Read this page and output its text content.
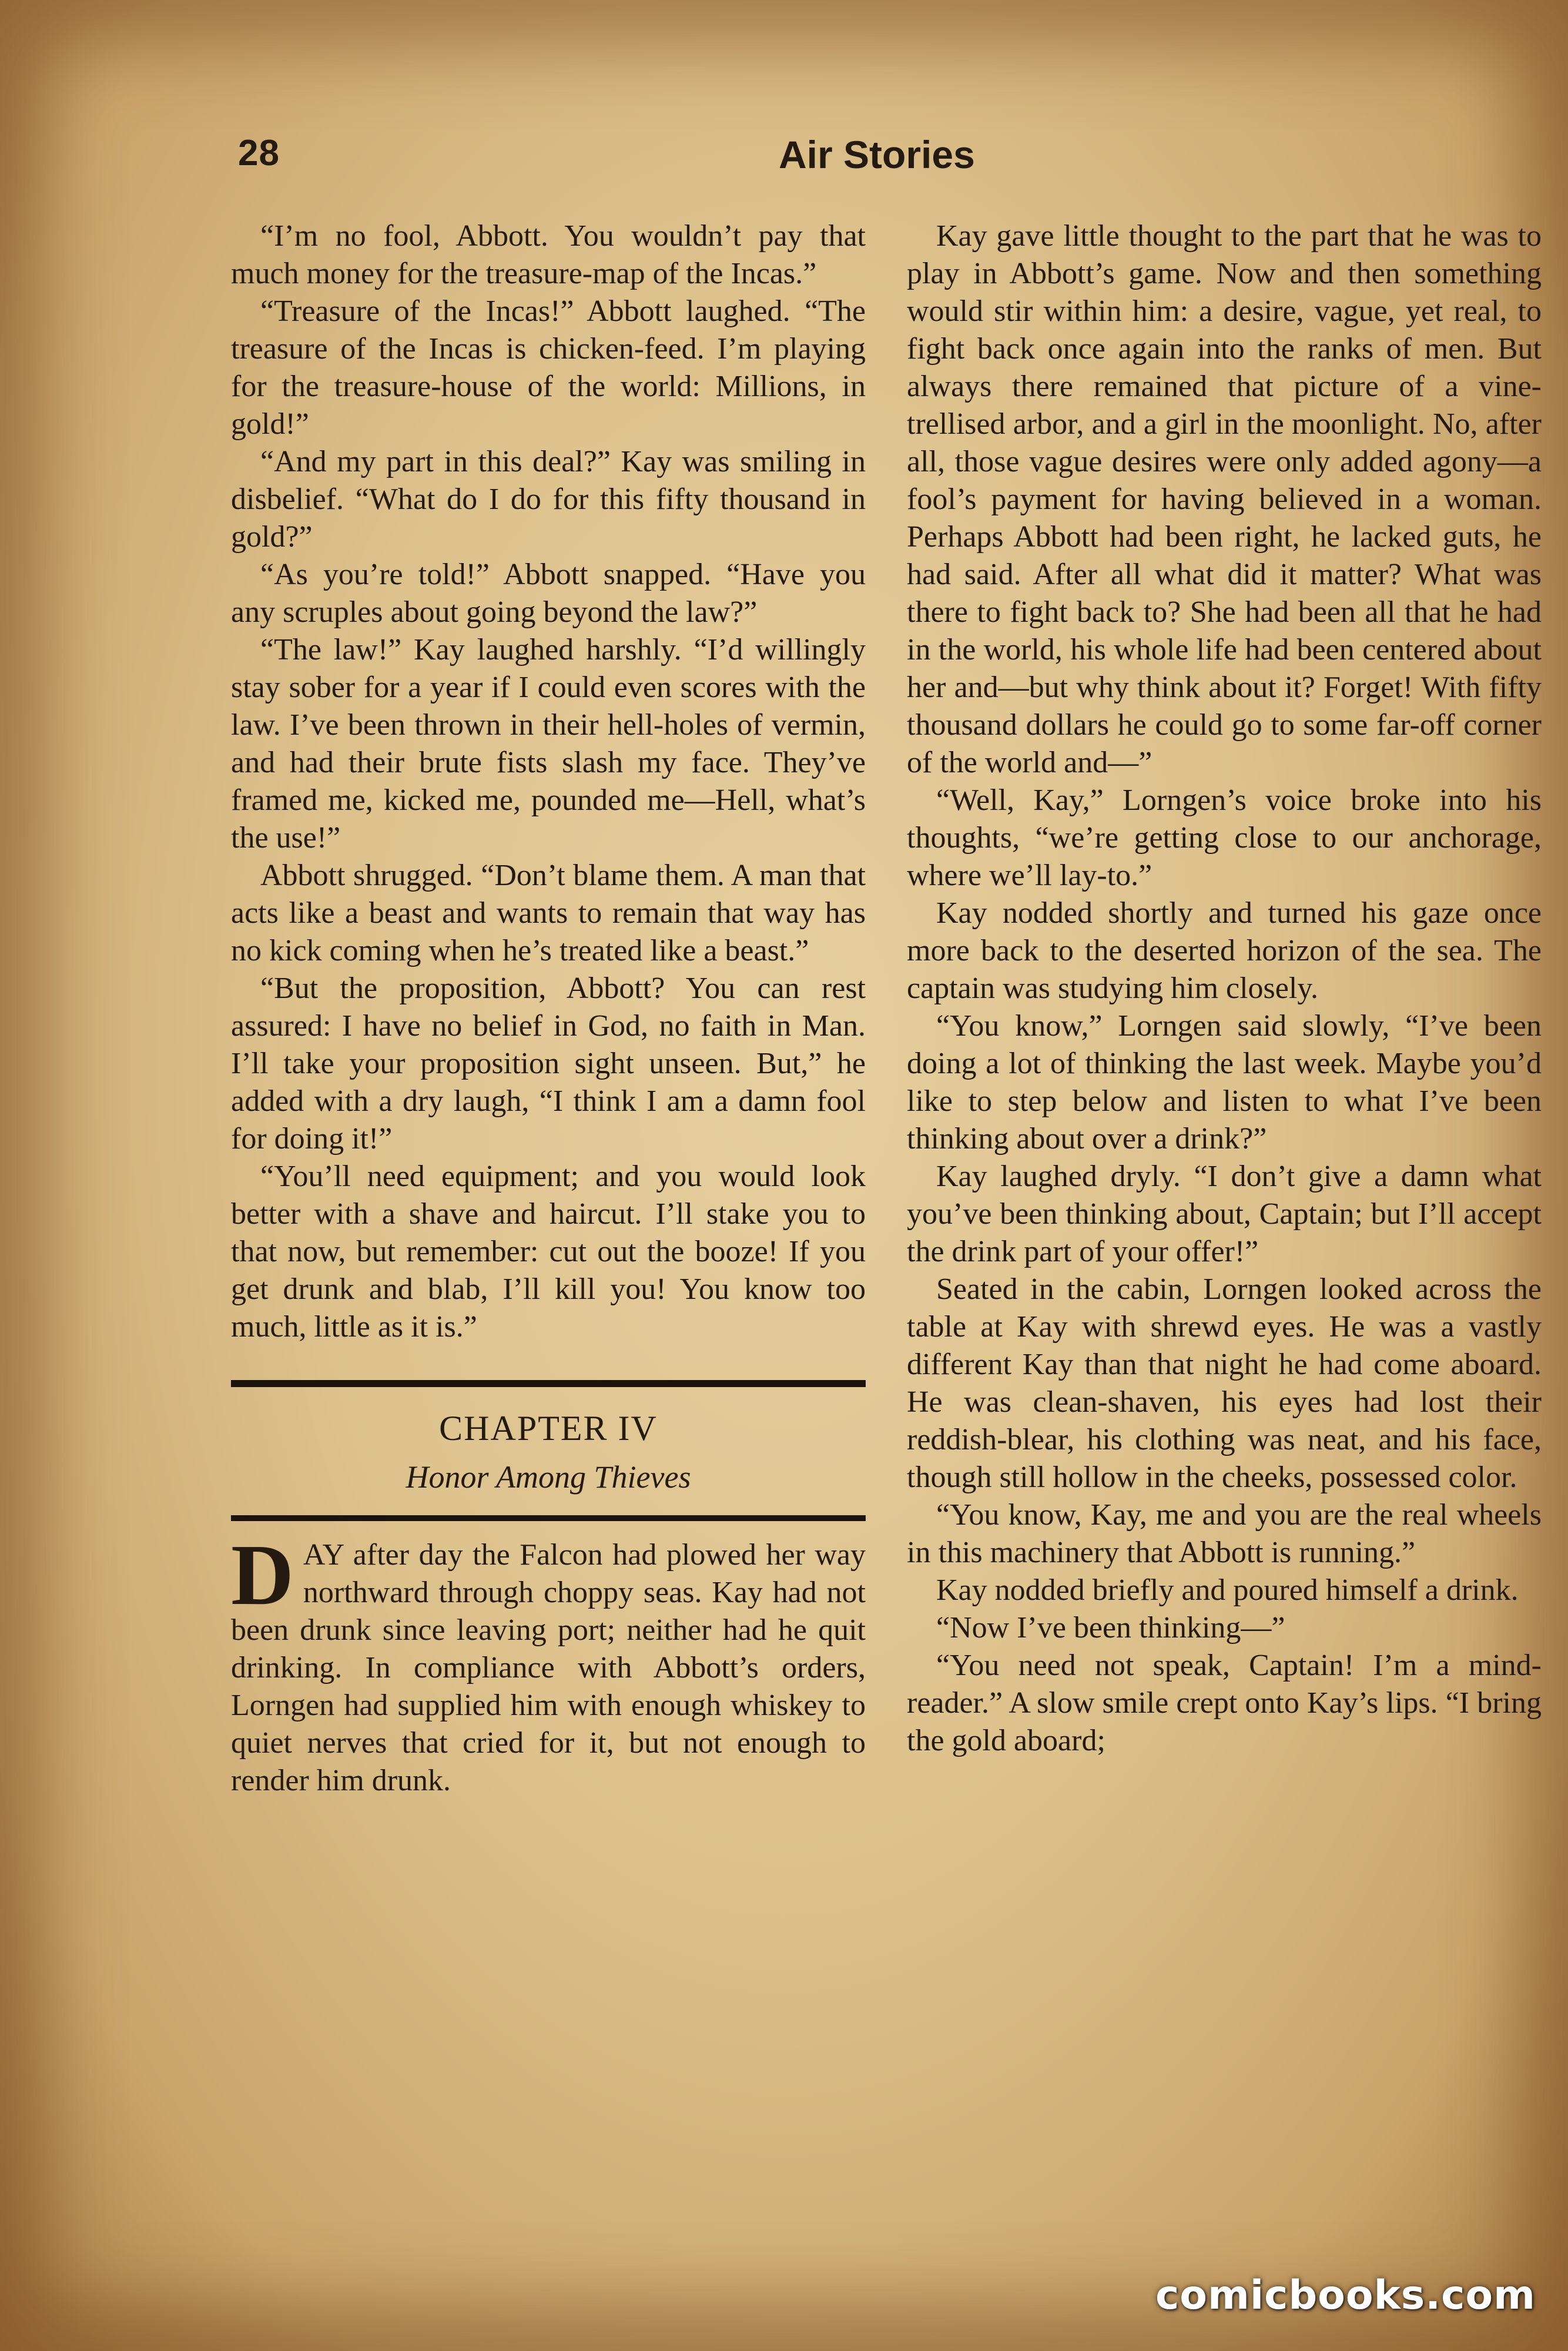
28	Air Stories

“I’m no fool, Abbott. You wouldn’t pay that much money for the treasure-map of the Incas.”

“Treasure of the Incas!” Abbott laughed. “The treasure of the Incas is chicken-feed. I’m playing for the treasure-house of the world: Millions, in gold!”

“And my part in this deal?” Kay was smiling in disbelief. “What do I do for this fifty thousand in gold?”

“As you’re told!” Abbott snapped. “Have you any scruples about going beyond the law?”

“The law!” Kay laughed harshly. “I’d willingly stay sober for a year if I could even scores with the law. I’ve been thrown in their hell-holes of vermin, and had their brute fists slash my face. They’ve framed me, kicked me, pounded me—Hell, what’s the use!”

Abbott shrugged. “Don’t blame them. A man that acts like a beast and wants to remain that way has no kick coming when he’s treated like a beast.”

“But the proposition, Abbott? You can rest assured: I have no belief in God, no faith in Man. I’ll take your proposition sight unseen. But,” he added with a dry laugh, “I think I am a damn fool for doing it!”

“You’ll need equipment; and you would look better with a shave and haircut. I’ll stake you to that now, but remember: cut out the booze! If you get drunk and blab, I’ll kill you! You know too much, little as it is.”

CHAPTER IV
Honor Among Thieves

DAY after day the Falcon had plowed her way northward through choppy seas. Kay had not been drunk since leaving port; neither had he quit drinking. In compliance with Abbott’s orders, Lorngen had supplied him with enough whiskey to quiet nerves that cried for it, but not enough to render him drunk.

Kay gave little thought to the part that he was to play in Abbott’s game. Now and then something would stir within him: a desire, vague, yet real, to fight back once again into the ranks of men. But always there remained that picture of a vine-trellised arbor, and a girl in the moonlight. No, after all, those vague desires were only added agony—a fool’s payment for having believed in a woman. Perhaps Abbott had been right, he lacked guts, he had said. After all what did it matter? What was there to fight back to? She had been all that he had in the world, his whole life had been centered about her and—but why think about it? Forget! With fifty thousand dollars he could go to some far-off corner of the world and—”

“Well, Kay,” Lorngen’s voice broke into his thoughts, “we’re getting close to our anchorage, where we’ll lay-to.”

Kay nodded shortly and turned his gaze once more back to the deserted horizon of the sea. The captain was studying him closely.

“You know,” Lorngen said slowly, “I’ve been doing a lot of thinking the last week. Maybe you’d like to step below and listen to what I’ve been thinking about over a drink?”

Kay laughed dryly. “I don’t give a damn what you’ve been thinking about, Captain; but I’ll accept the drink part of your offer!”

Seated in the cabin, Lorngen looked across the table at Kay with shrewd eyes. He was a vastly different Kay than that night he had come aboard. He was clean-shaven, his eyes had lost their reddish-blear, his clothing was neat, and his face, though still hollow in the cheeks, possessed color.

“You know, Kay, me and you are the real wheels in this machinery that Abbott is running.”

Kay nodded briefly and poured himself a drink.

“Now I’ve been thinking—”

“You need not speak, Captain! I’m a mind-reader.” A slow smile crept onto Kay’s lips. “I bring the gold aboard;

comicbooks.com
